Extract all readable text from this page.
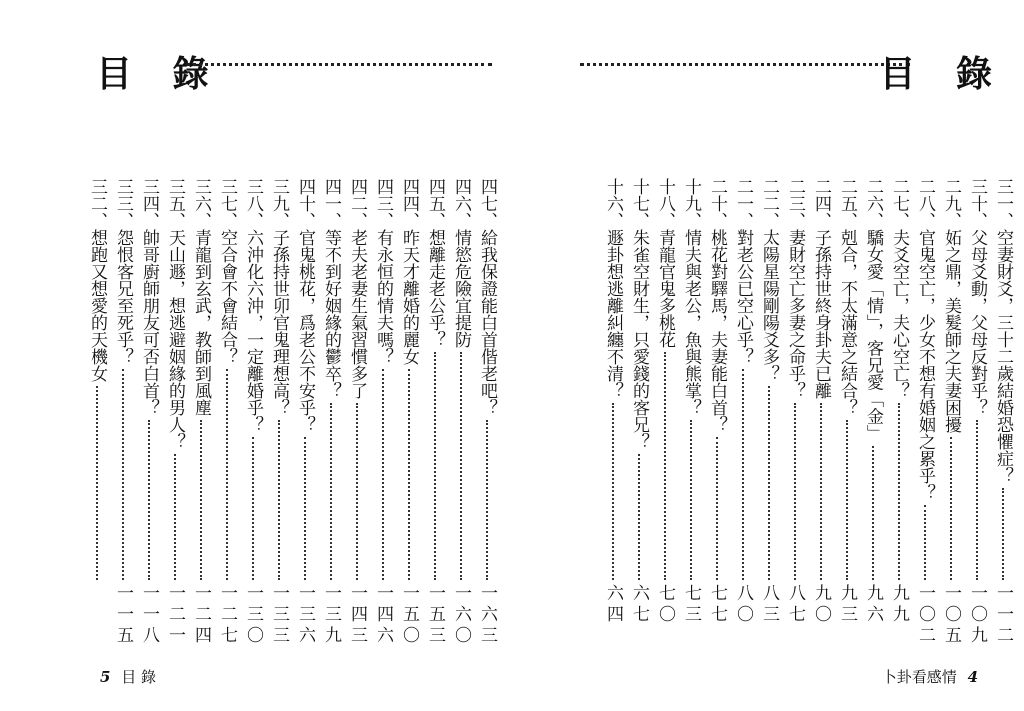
目 錄
四七
、
給我保證能白首偕老吧？
一六三
四六
、
情慾危險宜提防
一六〇
四五
、
想離走老公乎？
一五三
四四
、
昨天才離婚的麗女
一五〇
四三
、
有永恒的情夫嗎？
一四六
四二
、
老夫老妻生氣習慣多了
一四三
四一
、
等不到好姻緣的鬱卒？
一三九
四十
、
官鬼桃花，爲老公不安乎？
一三六
三九
、
子孫持世卯官鬼理想高？
一三三
三八
、
六沖化六沖，一定離婚乎？
一三〇
三七
、
空合會不會結合？
一二七
三六
、
青龍到玄武，教師到風塵
一二四
三五
、
天山遯，想逃避姻緣的男人？
一二一
三四
、
帥哥廚師朋友可否白首？
一一八
三三
、
怨恨客兄至死乎？
一一五
三二
、
想跑又想愛的天機女
5 目 錄
目 錄
三一
、
空妻財爻，三十二歲結婚恐懼症？
一一二
三十
、
父母爻動，父母反對乎？
一〇九
二九
、
妬之鼎，美髮師之夫妻困擾
一〇五
二八
、
官鬼空亡，少女不想有婚姻之累乎？
一〇二
二七
、
夫爻空亡，夫心空亡？
九九
二六
、
驕女愛「情」，客兄愛「金」
九六
二五
、
剋合，不太滿意之結合？
九三
二四
、
子孫持世終身卦夫已離
九〇
二三
、
妻財空亡多妻之命乎？
八七
二二
、
太陽星陽剛陽爻多？
八三
二一
、
對老公已空心乎？
八〇
二十
、
桃花對驛馬，夫妻能白首？
七七
十九
、
情夫與老公，魚與熊掌？
七三
十八
、
青龍官鬼多桃花
七〇
十七
、
朱雀空財生，只愛錢的客兄？
六七
十六
、
遯卦想逃離糾纏不清？
六四
卜卦看感情 4
